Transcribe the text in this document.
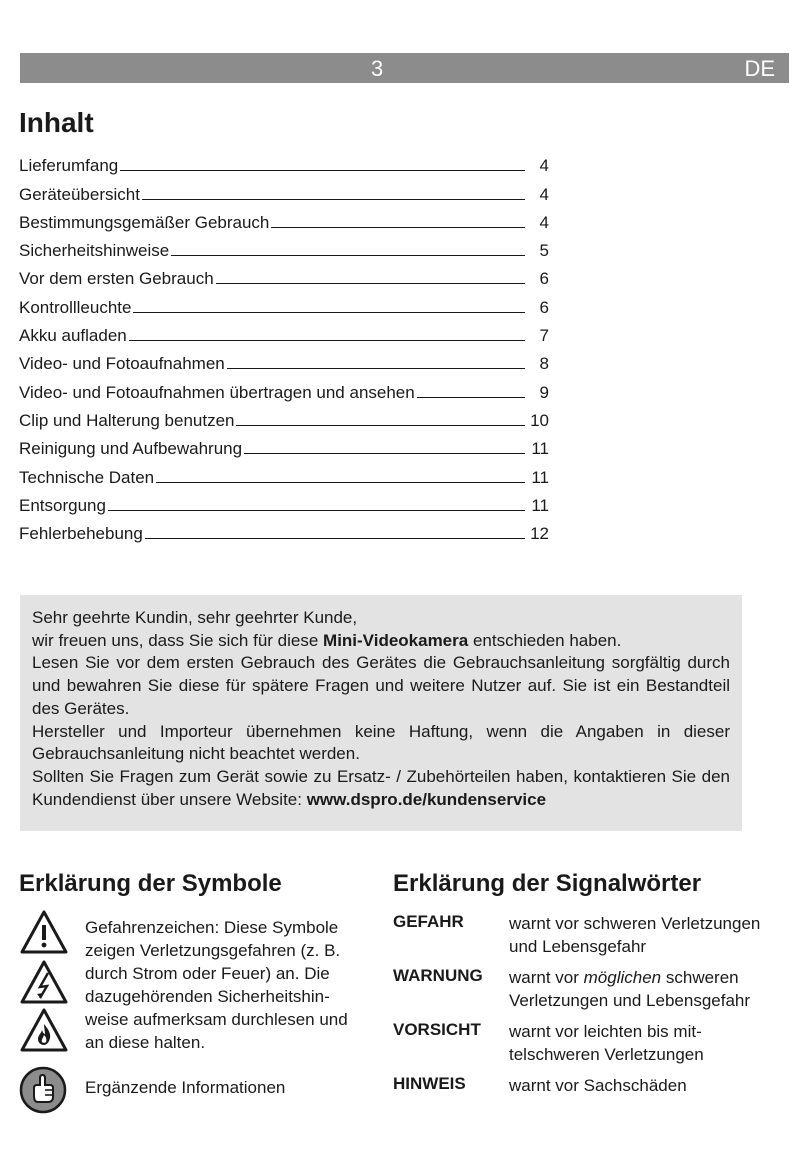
3	DE
Inhalt
Lieferumfang	4
Geräteübersicht	4
Bestimmungsgemäßer Gebrauch	4
Sicherheitshinweise	5
Vor dem ersten Gebrauch	6
Kontrollleuchte	6
Akku aufladen	7
Video- und Fotoaufnahmen	8
Video- und Fotoaufnahmen übertragen und ansehen	9
Clip und Halterung benutzen	10
Reinigung und Aufbewahrung	11
Technische Daten	11
Entsorgung	11
Fehlerbehebung	12

Sehr geehrte Kundin, sehr geehrter Kunde,

wir freuen uns, dass Sie sich für diese Mini-Videokamera entschieden haben.

Lesen Sie vor dem ersten Gebrauch des Gerätes die Gebrauchsanleitung sorgfältig durch und bewahren Sie diese für spätere Fragen und weitere Nutzer auf. Sie ist ein Bestandteil des Gerätes.

Hersteller und Importeur übernehmen keine Haftung, wenn die Angaben in dieser Gebrauchsanleitung nicht beachtet werden.

Sollten Sie Fragen zum Gerät sowie zu Ersatz- / Zubehörteilen haben, kontaktieren Sie den Kundendienst über unsere Website: www.dspro.de/kundenservice

Erklärung der Symbole	Erklärung der Signalwörter

Gefahrenzeichen: Diese Symbole zeigen Verletzungsgefahren (z. B. durch Strom oder Feuer) an. Die dazugehörenden Sicherheitshinweise aufmerksam durchlesen und an diese halten.

Ergänzende Informationen

GEFAHR	warnt vor schweren Verletzungen und Lebensgefahr
WARNUNG warnt vor möglichen schweren Verletzungen und Lebensgefahr
VORSICHT warnt vor leichten bis mittelschweren Verletzungen
HINWEIS	warnt vor Sachschäden
